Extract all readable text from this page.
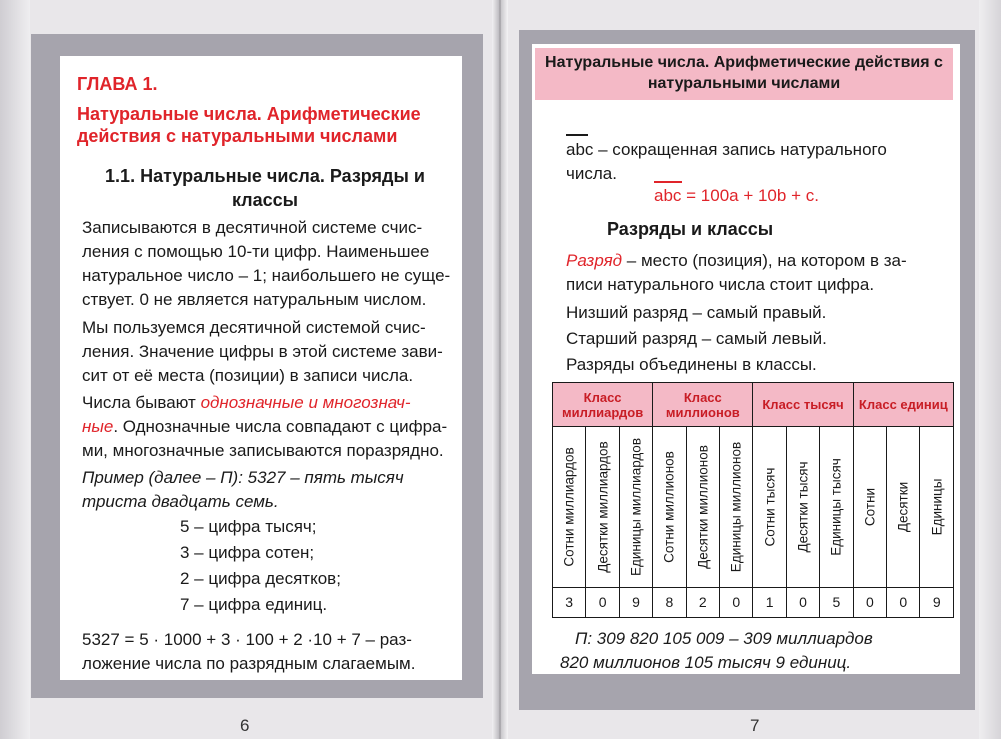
ГЛАВА 1.
Натуральные числа. Арифметические действия с натуральными числами
1.1. Натуральные числа. Разряды и классы
Записываются в десятичной системе счис-
ления с помощью 10-ти цифр. Наименьшее
натуральное число – 1; наибольшего не суще-
ствует. 0 не является натуральным числом.
Мы пользуемся десятичной системой счис-
ления. Значение цифры в этой системе зави-
сит от её места (позиции) в записи числа.
Числа бывают однозначные и многознач-
ные. Однозначные числа совпадают с цифра-
ми, многозначные записываются поразрядно.
Пример (далее – П): 5327 – пять тысяч
триста двадцать семь.
5 – цифра тысяч;
3 – цифра сотен;
2 – цифра десятков;
7 – цифра единиц.
5327 = 5 · 1000 + 3 · 100 + 2 ·10 + 7 – раз-
ложение числа по разрядным слагаемым.
6
Натуральные числа. Арифметические действия с натуральными числами
abc – сокращенная запись натурального
числа.
abc = 100a + 10b + c.
Разряды и классы
Разряд – место (позиция), на котором в за-
писи натурального числа стоит цифра.
Низший разряд – самый правый.
Старший разряд – самый левый.
Разряды объединены в классы.
Класс миллиардов			Класс миллионов			Класс тысяч			Класс единиц		

Сотни миллиардов	Десятки миллиардов	Единицы миллиардов	Сотни миллионов	Десятки миллионов	Единицы миллионов	Сотни тысяч	Десятки тысяч	Единицы тысяч	Сотни	Десятки	Единицы

3	0	9	8	2	0	1	0	5	0	0	9
П: 309 820 105 009 – 309 миллиардов
820 миллионов 105 тысяч 9 единиц.
7
